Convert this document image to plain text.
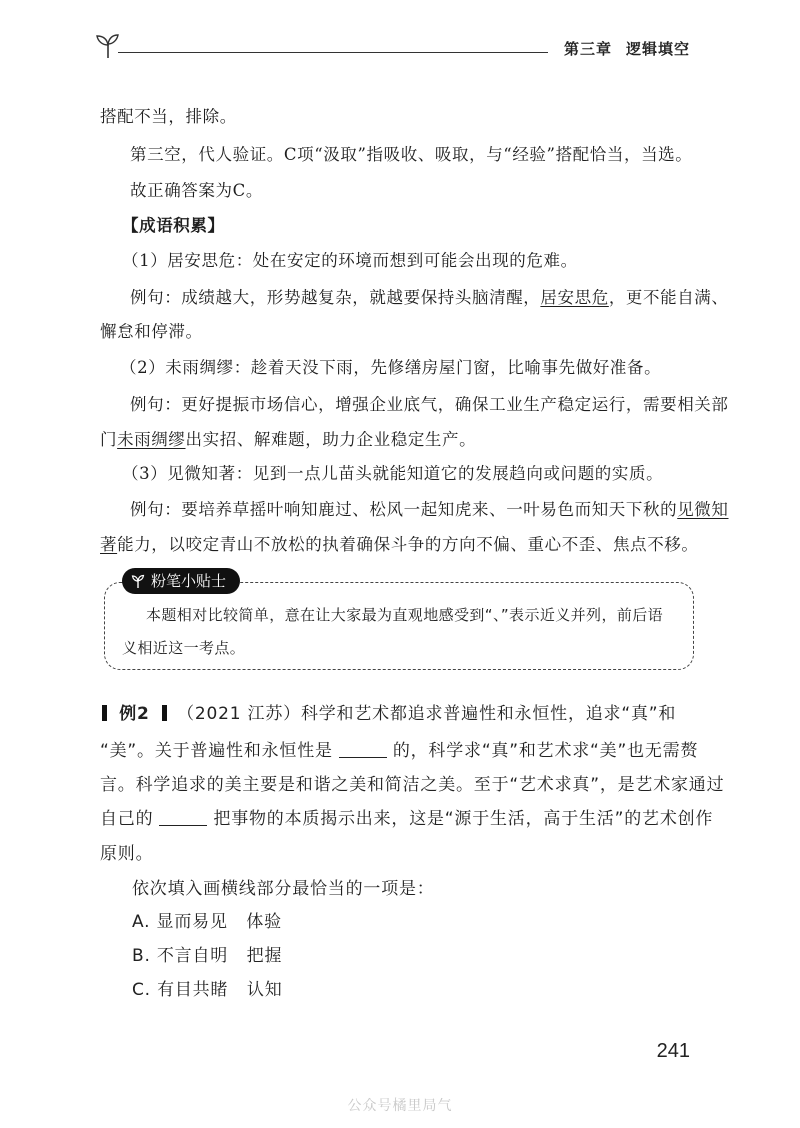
第三章 逻辑填空
搭配不当，排除。
第三空，代人验证。C项“汲取”指吸收、吸取，与“经验”搭配恰当，当选。
故正确答案为C。
【成语积累】
（1）居安思危：处在安定的环境而想到可能会出现的危难。
例句：成绩越大，形势越复杂，就越要保持头脑清醒，居安思危，更不能自满、
懈怠和停滞。
（2）未雨绸缪：趁着天没下雨，先修缮房屋门窗，比喻事先做好准备。
例句：更好提振市场信心，增强企业底气，确保工业生产稳定运行，需要相关部
门未雨绸缪出实招、解难题，助力企业稳定生产。
（3）见微知著：见到一点儿苗头就能知道它的发展趋向或问题的实质。
例句：要培养草摇叶响知鹿过、松风一起知虎来、一叶易色而知天下秋的见微知
著能力，以咬定青山不放松的执着确保斗争的方向不偏、重心不歪、焦点不移。
粉笔小贴士
本题相对比较简单，意在让大家最为直观地感受到“、”表示近义并列，前后语
义相近这一考点。
例2 （2021 江苏）科学和艺术都追求普遍性和永恒性，追求“真”和
“美”。关于普遍性和永恒性是	的，科学求“真”和艺术求“美”也无需赘
言。科学追求的美主要是和谐之美和简洁之美。至于“艺术求真”，是艺术家通过
自己的	把事物的本质揭示出来，这是“源于生活，高于生活”的艺术创作
原则。
依次填入画横线部分最恰当的一项是：
A. 显而易见   体验
B. 不言自明   把握
C. 有目共睹   认知
241
公众号橘里局气
